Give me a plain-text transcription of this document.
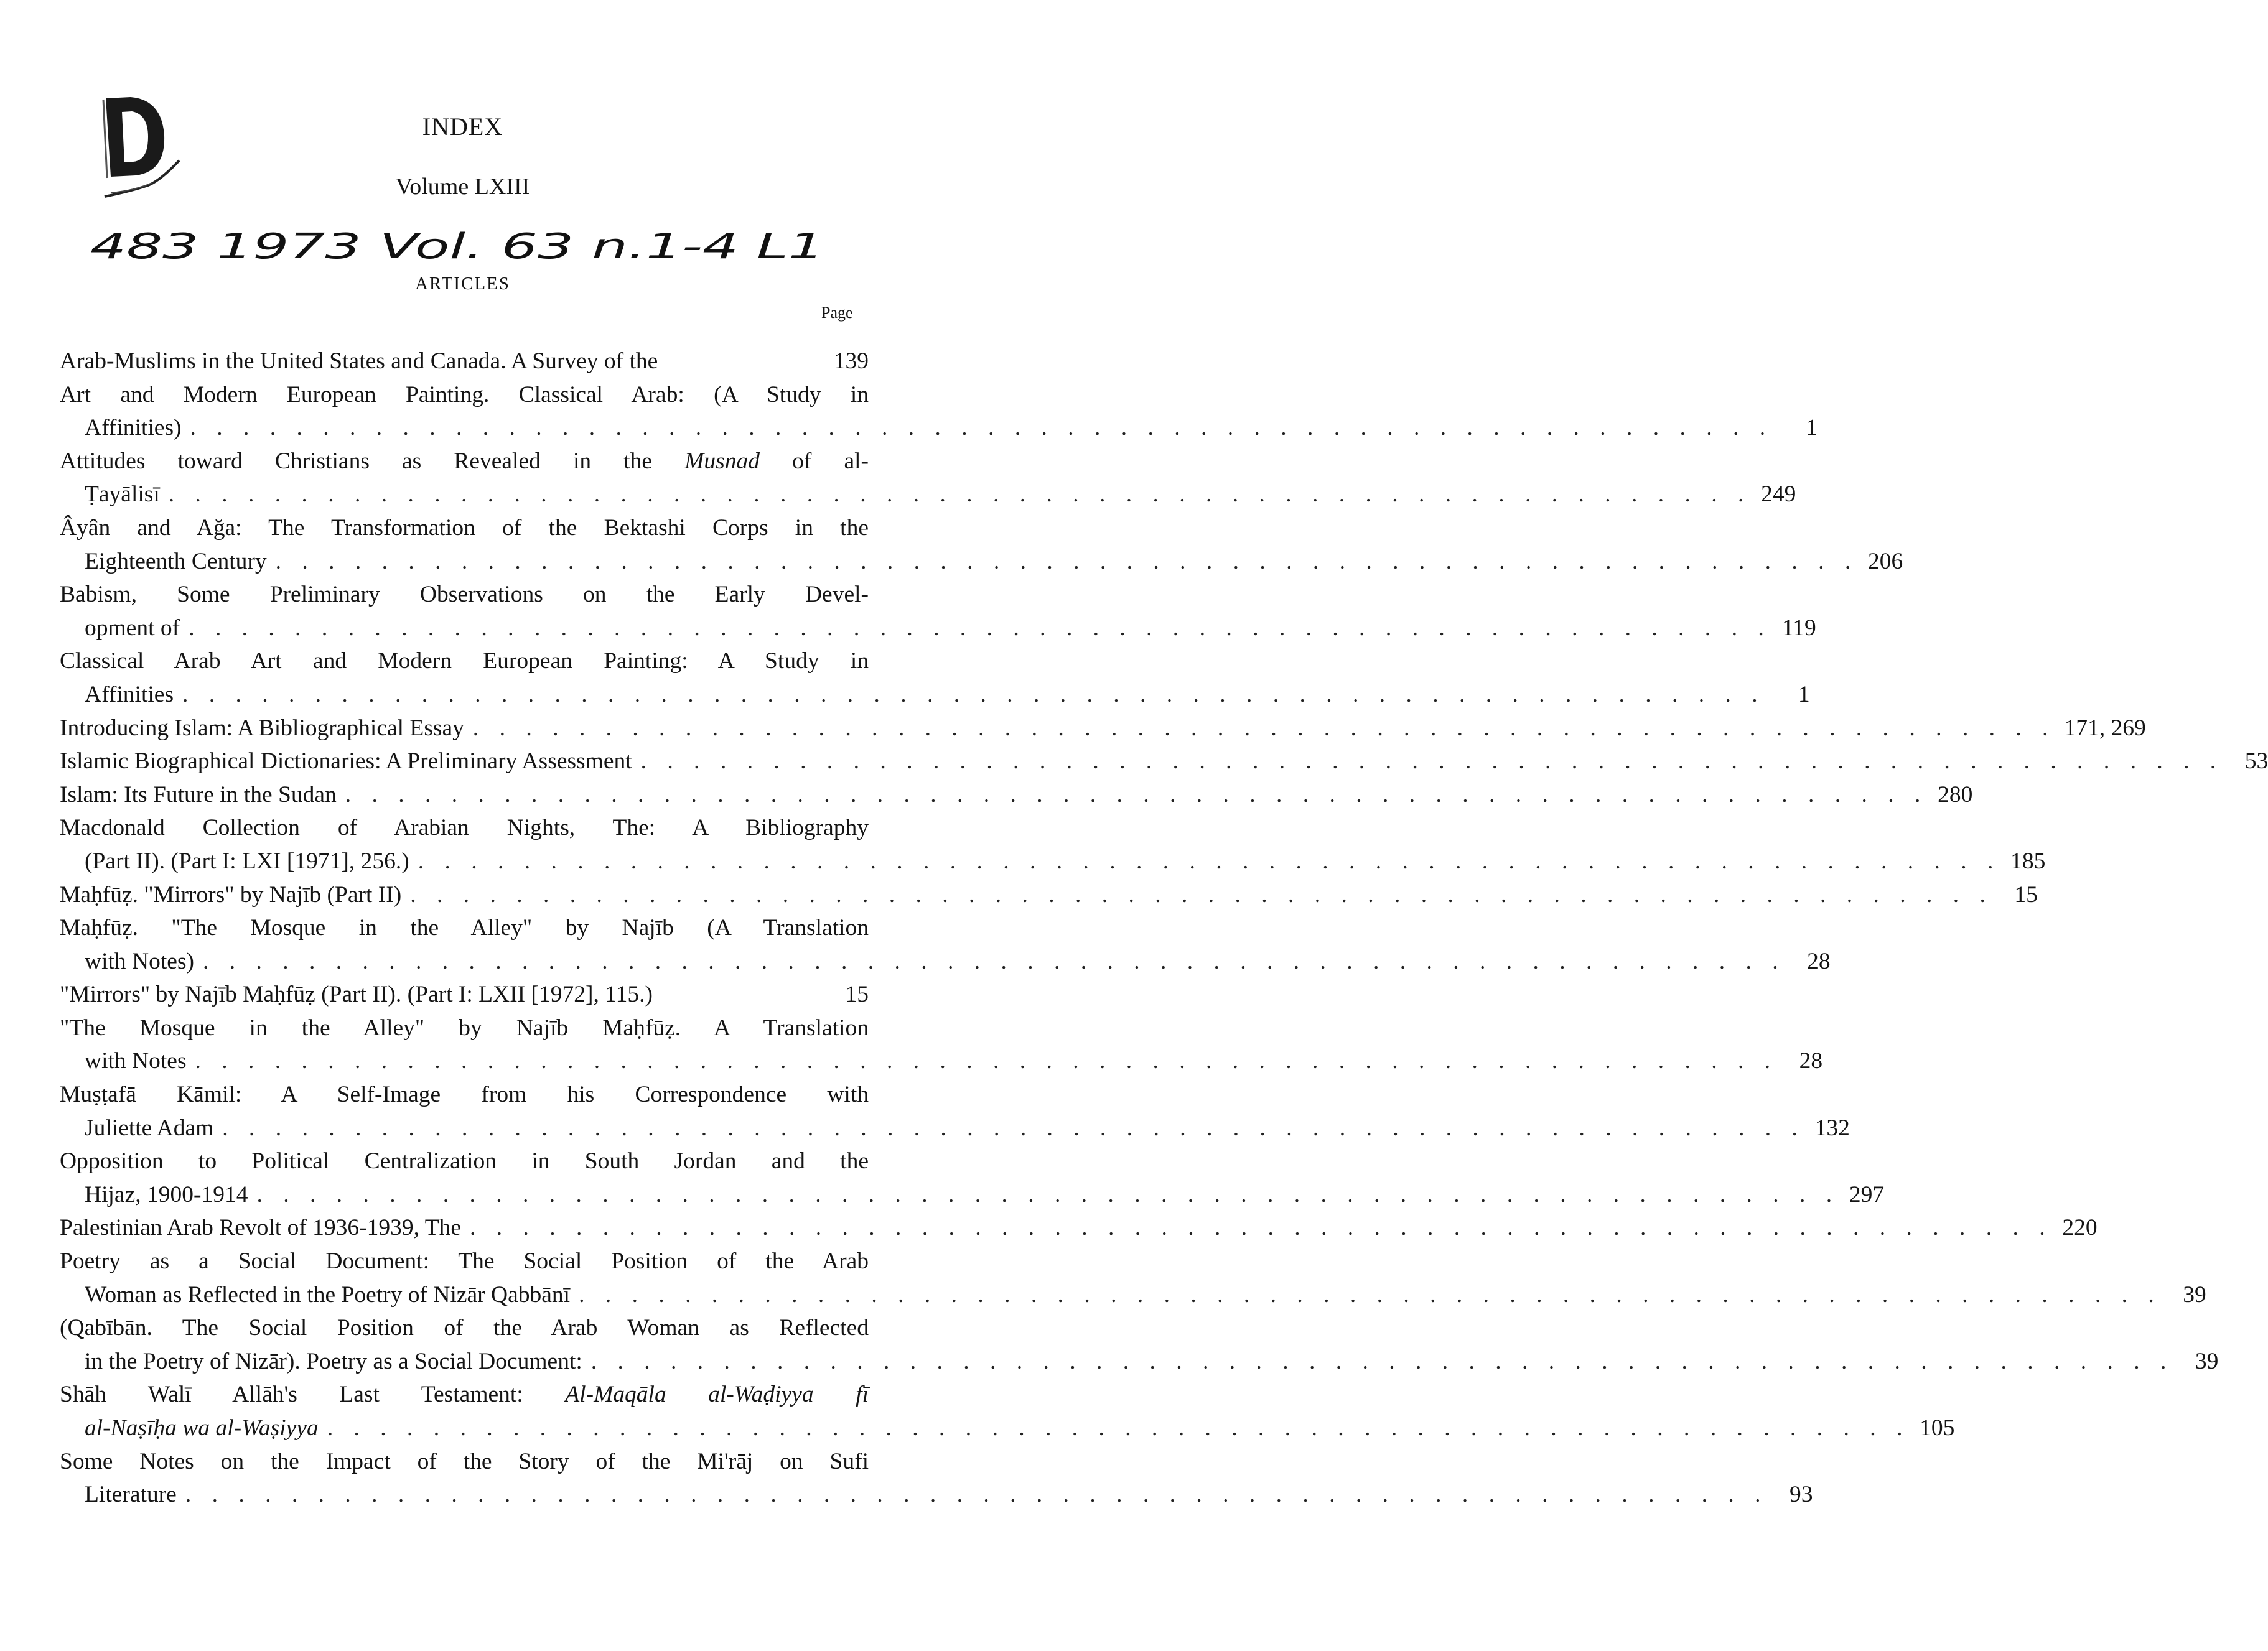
INDEX
Volume LXIII
483 1973 Vol. 63 n.1-4 L1
ARTICLES
Page
Arab-Muslims in the United States and Canada. A Survey of the	139
Art and Modern European Painting. Classical Arab: (A Study in
Affinities) . . . . . . . . . . . . . . . . . . . . . . . . . . . . . . . . . . . . . . . . . . . . . . . . . . . . . . . . . . . .	1
Attitudes toward Christians as Revealed in the Musnad of al-
Ṭayālisī . . . . . . . . . . . . . . . . . . . . . . . . . . . . . . . . . . . . . . . . . . . . . . . . . . . . . . . . . . . . 249
Âyân and Ağa: The Transformation of the Bektashi Corps in the
Eighteenth Century . . . . . . . . . . . . . . . . . . . . . . . . . . . . . . . . . . . . . . . . . . . . . . . . . . . . . . . . . . . . 206
Babism, Some Preliminary Observations on the Early Devel-
opment of . . . . . . . . . . . . . . . . . . . . . . . . . . . . . . . . . . . . . . . . . . . . . . . . . . . . . . . . . . . . 119
Classical Arab Art and Modern European Painting: A Study in
Affinities . . . . . . . . . . . . . . . . . . . . . . . . . . . . . . . . . . . . . . . . . . . . . . . . . . . . . . . . . . . .	1
Introducing Islam: A Bibliographical Essay . . . . . . . . . . . . . . . . . . . . . . . . . . . . . . . . . . . . . . . . . . . . . . . . . . . . . . . . . . . . 171, 269
Islamic Biographical Dictionaries: A Preliminary Assessment . . . . . . . . . . . . . . . . . . . . . . . . . . . . . . . . . . . . . . . . . . . . . . . . . . . . . . . . . . . . 53
Islam: Its Future in the Sudan . . . . . . . . . . . . . . . . . . . . . . . . . . . . . . . . . . . . . . . . . . . . . . . . . . . . . . . . . . . . 280
Macdonald Collection of Arabian Nights, The: A Bibliography
(Part II). (Part I: LXI [1971], 256.) . . . . . . . . . . . . . . . . . . . . . . . . . . . . . . . . . . . . . . . . . . . . . . . . . . . . . . . . . . . . 185
Maḥfūẓ. "Mirrors" by Najīb (Part II) . . . . . . . . . . . . . . . . . . . . . . . . . . . . . . . . . . . . . . . . . . . . . . . . . . . . . . . . . . . . 15
Maḥfūẓ. "The Mosque in the Alley" by Najīb (A Translation
with Notes) . . . . . . . . . . . . . . . . . . . . . . . . . . . . . . . . . . . . . . . . . . . . . . . . . . . . . . . . . . . . 28
"Mirrors" by Najīb Maḥfūẓ (Part II). (Part I: LXII [1972], 115.)	15
"The Mosque in the Alley" by Najīb Maḥfūẓ. A Translation
with Notes . . . . . . . . . . . . . . . . . . . . . . . . . . . . . . . . . . . . . . . . . . . . . . . . . . . . . . . . . . . . 28
Muṣṭafā Kāmil: A Self-Image from his Correspondence with
Juliette Adam . . . . . . . . . . . . . . . . . . . . . . . . . . . . . . . . . . . . . . . . . . . . . . . . . . . . . . . . . . . . 132
Opposition to Political Centralization in South Jordan and the
Hijaz, 1900-1914 . . . . . . . . . . . . . . . . . . . . . . . . . . . . . . . . . . . . . . . . . . . . . . . . . . . . . . . . . . . . 297
Palestinian Arab Revolt of 1936-1939, The . . . . . . . . . . . . . . . . . . . . . . . . . . . . . . . . . . . . . . . . . . . . . . . . . . . . . . . . . . . . 220
Poetry as a Social Document: The Social Position of the Arab
Woman as Reflected in the Poetry of Nizār Qabbānī . . . . . . . . . . . . . . . . . . . . . . . . . . . . . . . . . . . . . . . . . . . . . . . . . . . . . . . . . . . . 39
(Qabībān. The Social Position of the Arab Woman as Reflected
in the Poetry of Nizār). Poetry as a Social Document: . . . . . . . . . . . . . . . . . . . . . . . . . . . . . . . . . . . . . . . . . . . . . . . . . . . . . . . . . . . . 39
Shāh Walī Allāh's Last Testament: Al-Maqāla al-Waḍiyya fī
al-Naṣīḥa wa al-Waṣiyya . . . . . . . . . . . . . . . . . . . . . . . . . . . . . . . . . . . . . . . . . . . . . . . . . . . . . . . . . . . . 105
Some Notes on the Impact of the Story of the Mi'rāj on Sufi
Literature . . . . . . . . . . . . . . . . . . . . . . . . . . . . . . . . . . . . . . . . . . . . . . . . . . . . . . . . . . . . 93
